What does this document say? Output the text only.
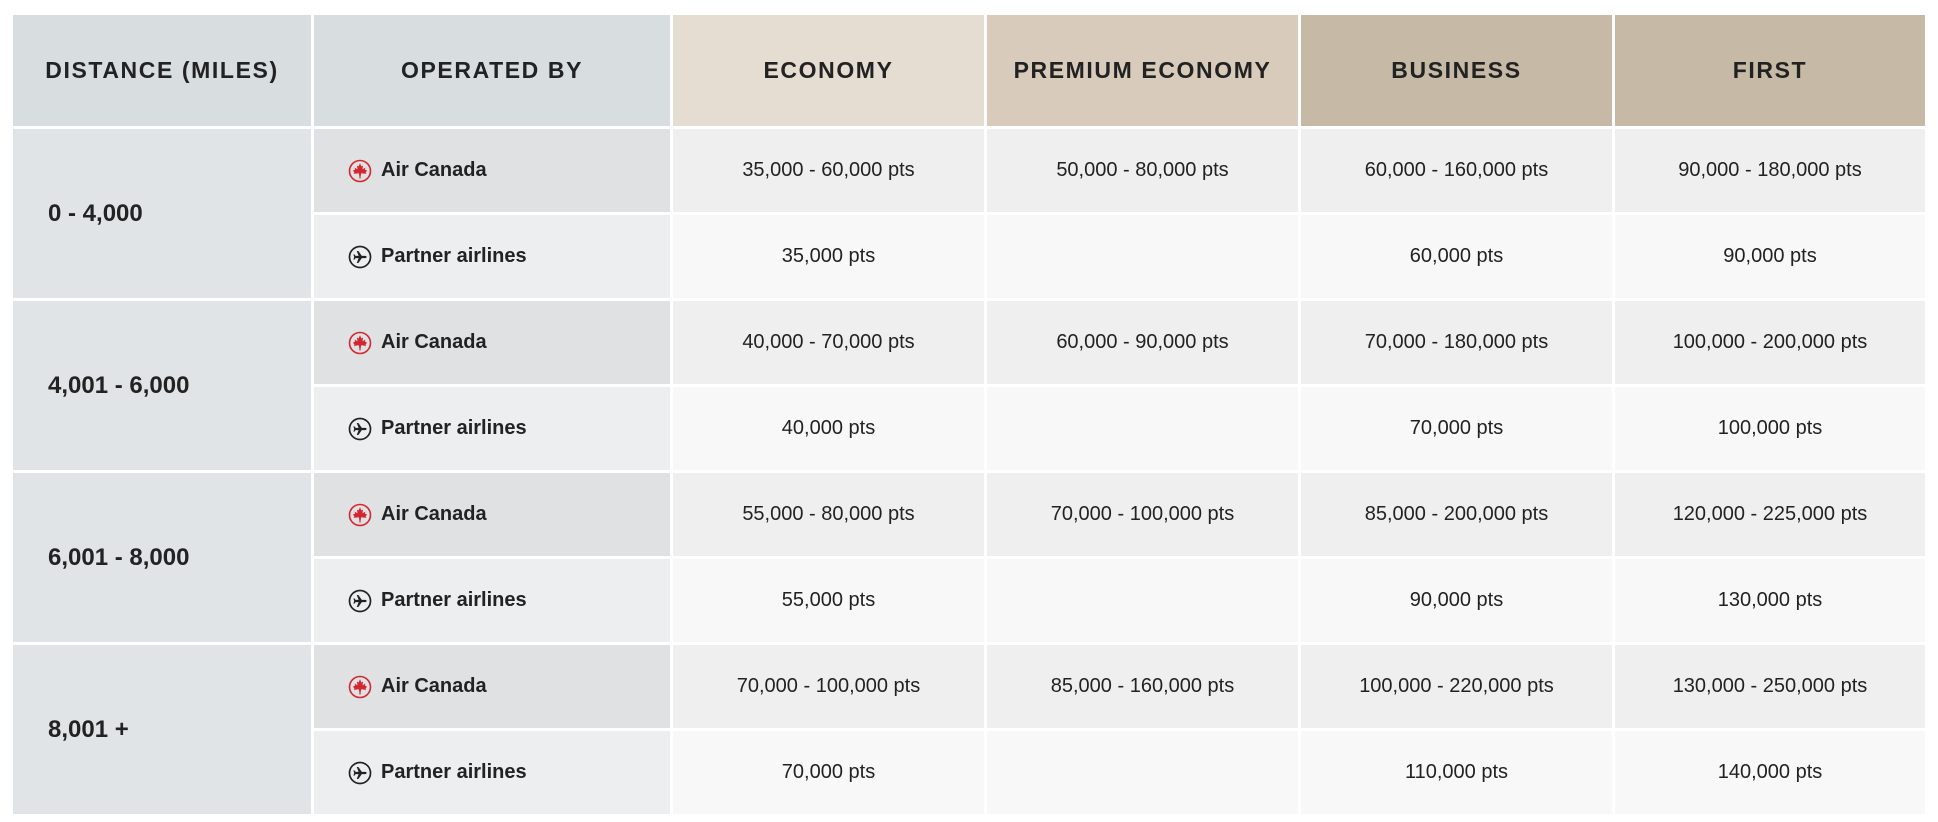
DISTANCE (MILES)	OPERATED BY	ECONOMY	PREMIUM ECONOMY	BUSINESS	FIRST
0 - 4,000	Air Canada	35,000 - 60,000 pts	50,000 - 80,000 pts	60,000 - 160,000 pts	90,000 - 180,000 pts

	Partner airlines	35,000 pts		60,000 pts	90,000 pts
4,001 - 6,000	Air Canada	40,000 - 70,000 pts	60,000 - 90,000 pts	70,000 - 180,000 pts	100,000 - 200,000 pts

	Partner airlines	40,000 pts		70,000 pts	100,000 pts
6,001 - 8,000	Air Canada	55,000 - 80,000 pts	70,000 - 100,000 pts	85,000 - 200,000 pts	120,000 - 225,000 pts

	Partner airlines	55,000 pts		90,000 pts	130,000 pts
8,001 +	Air Canada	70,000 - 100,000 pts	85,000 - 160,000 pts	100,000 - 220,000 pts	130,000 - 250,000 pts

	Partner airlines	70,000 pts		110,000 pts	140,000 pts
